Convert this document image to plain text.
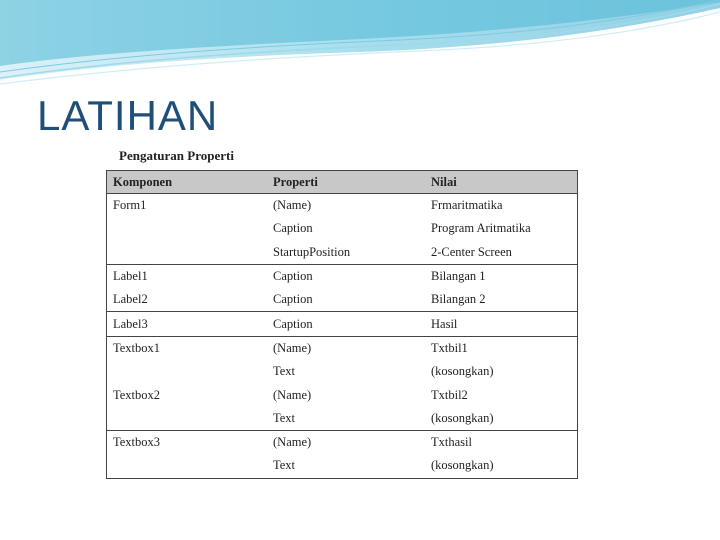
LATIHAN
Pengaturan Properti
Komponen	Properti	Nilai
Form1	(Name)	Frmaritmatika
	Caption	Program Aritmatika
	StartupPosition	2-Center Screen
Label1	Caption	Bilangan 1
Label2	Caption	Bilangan 2
Label3	Caption	Hasil
Textbox1	(Name)	Txtbil1
	Text	(kosongkan)
Textbox2	(Name)	Txtbil2
	Text	(kosongkan)
Textbox3	(Name)	Txthasil
	Text	(kosongkan)
